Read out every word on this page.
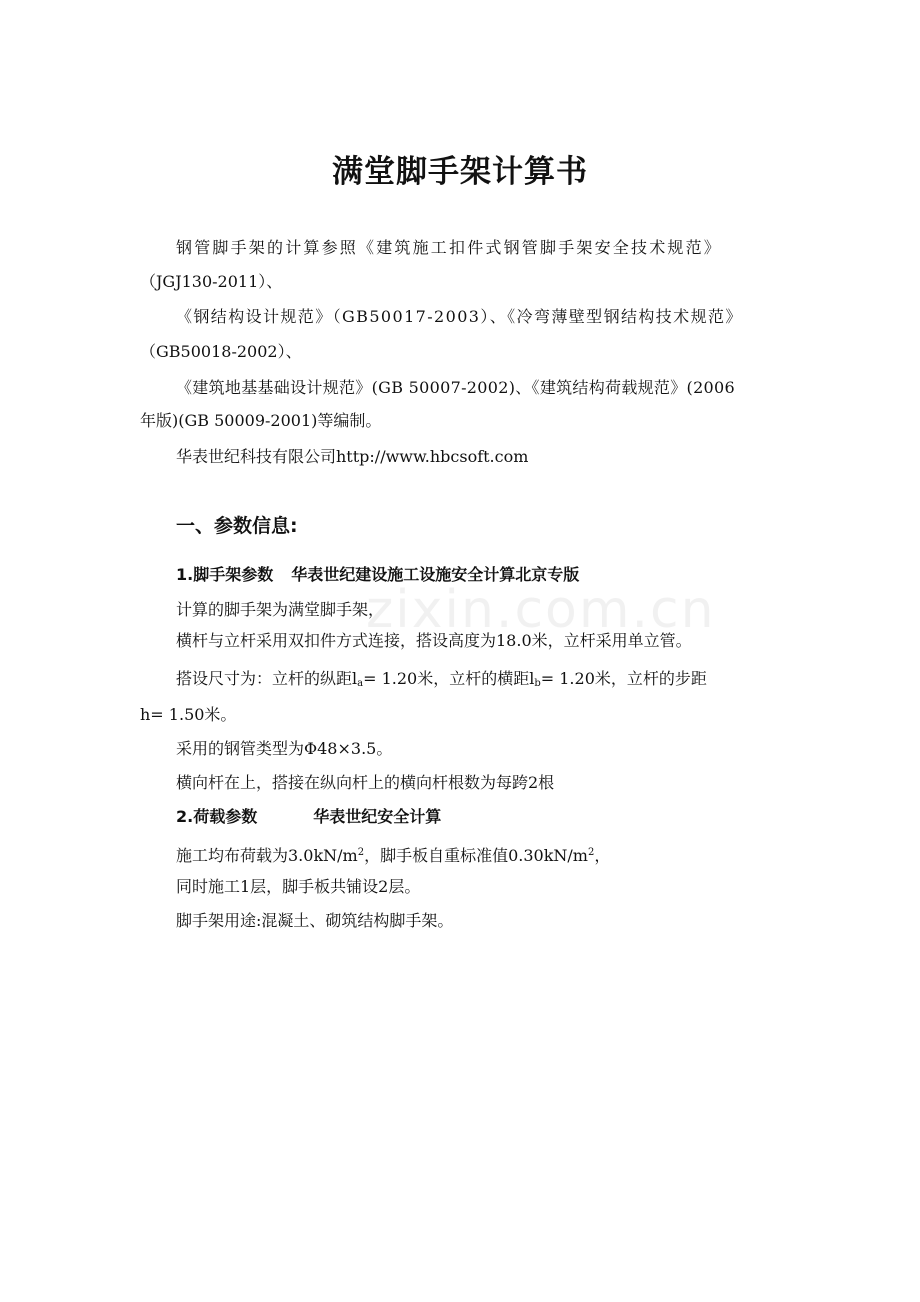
满堂脚手架计算书
钢管脚手架的计算参照《建筑施工扣件式钢管脚手架安全技术规范》
（JGJ130-2011）、
《钢结构设计规范》（GB50017-2003）、《冷弯薄壁型钢结构技术规范》
（GB50018-2002）、
《建筑地基基础设计规范》(GB 50007-2002)、《建筑结构荷载规范》(2006
年版)(GB 50009-2001)等编制。
华表世纪科技有限公司http://www.hbcsoft.com
一、参数信息:
1.脚手架参数 华表世纪建设施工设施安全计算北京专版
计算的脚手架为满堂脚手架，
横杆与立杆采用双扣件方式连接，搭设高度为18.0米，立杆采用单立管。
搭设尺寸为：立杆的纵距$l_a= 1.20$米，立杆的横距$l_b= 1.20$米，立杆的步距
h= 1.50米。
采用的钢管类型为Φ48×3.5。
横向杆在上，搭接在纵向杆上的横向杆根数为每跨2根
2.荷载参数	华表世纪安全计算
施工均布荷载为$3.0kN/m^2$，脚手板自重标准值$0.30kN/m^2$，
同时施工1层，脚手板共铺设2层。
脚手架用途:混凝土、砌筑结构脚手架。
zixin.com.cn
